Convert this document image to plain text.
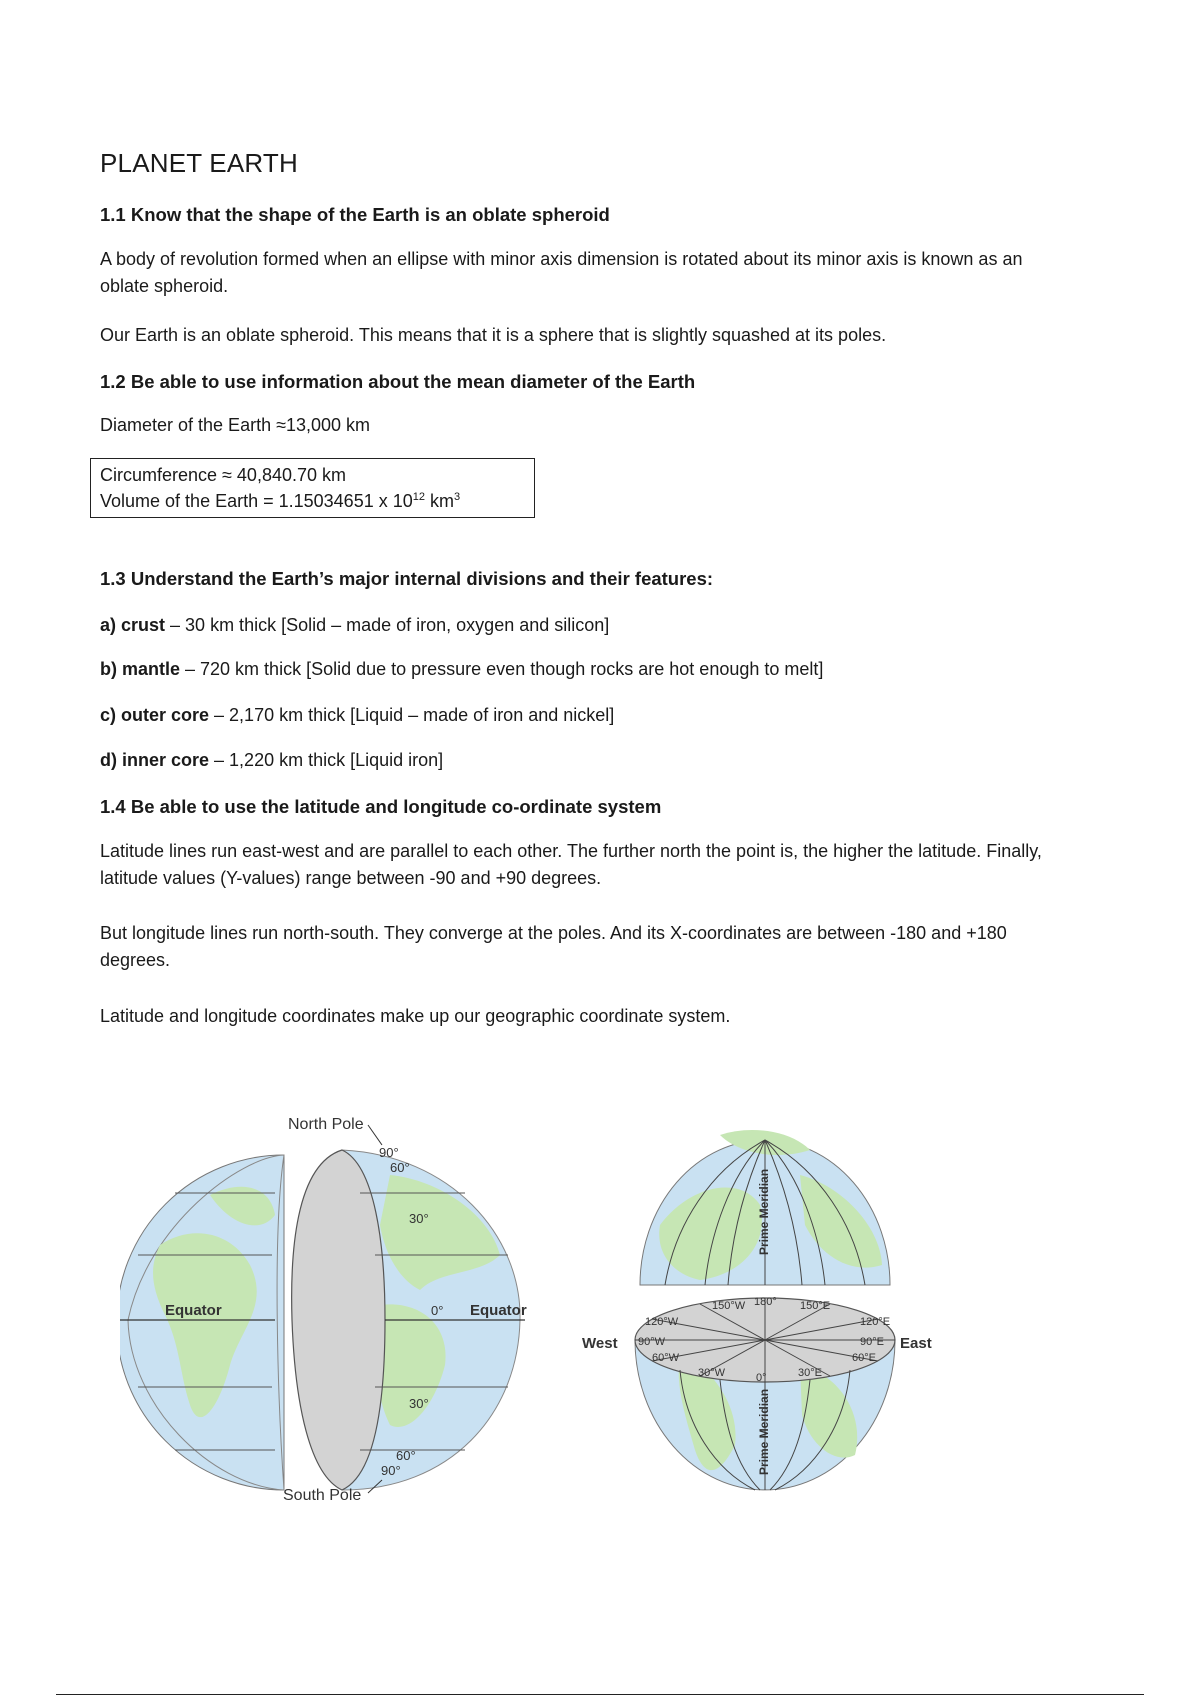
PLANET EARTH
1.1 Know that the shape of the Earth is an oblate spheroid

A body of revolution formed when an ellipse with minor axis dimension is rotated about its minor axis is known as an oblate spheroid.

Our Earth is an oblate spheroid. This means that it is a sphere that is slightly squashed at its poles.

1.2 Be able to use information about the mean diameter of the Earth

Diameter of the Earth ≈13,000 km

Circumference ≈ 40,840.70 km
Volume of the Earth = 1.15034651 x $10^{12}$ $km^3$
1.3 Understand the Earth’s major internal divisions and their features:

a) crust – 30 km thick [Solid – made of iron, oxygen and silicon]

b) mantle – 720 km thick [Solid due to pressure even though rocks are hot enough to melt]

c) outer core – 2,170 km thick [Liquid – made of iron and nickel]

d) inner core – 1,220 km thick [Liquid iron]

1.4 Be able to use the latitude and longitude co-ordinate system

Latitude lines run east-west and are parallel to each other. The further north the point is, the higher the latitude. Finally, latitude values (Y-values) range between -90 and +90 degrees.

But longitude lines run north-south. They converge at the poles. And its X-coordinates are between -180 and +180 degrees.

Latitude and longitude coordinates make up our geographic coordinate system.

North Pole
South Pole
Equator	Equator
90°
60°
30°
0°
30°
60°
90°
Prime Meridian
Prime Meridian
West	East
150°W 180° 150°E
120°W
90°W
60°W
30°W	0°	30°E
60°E
90°E
120°E
